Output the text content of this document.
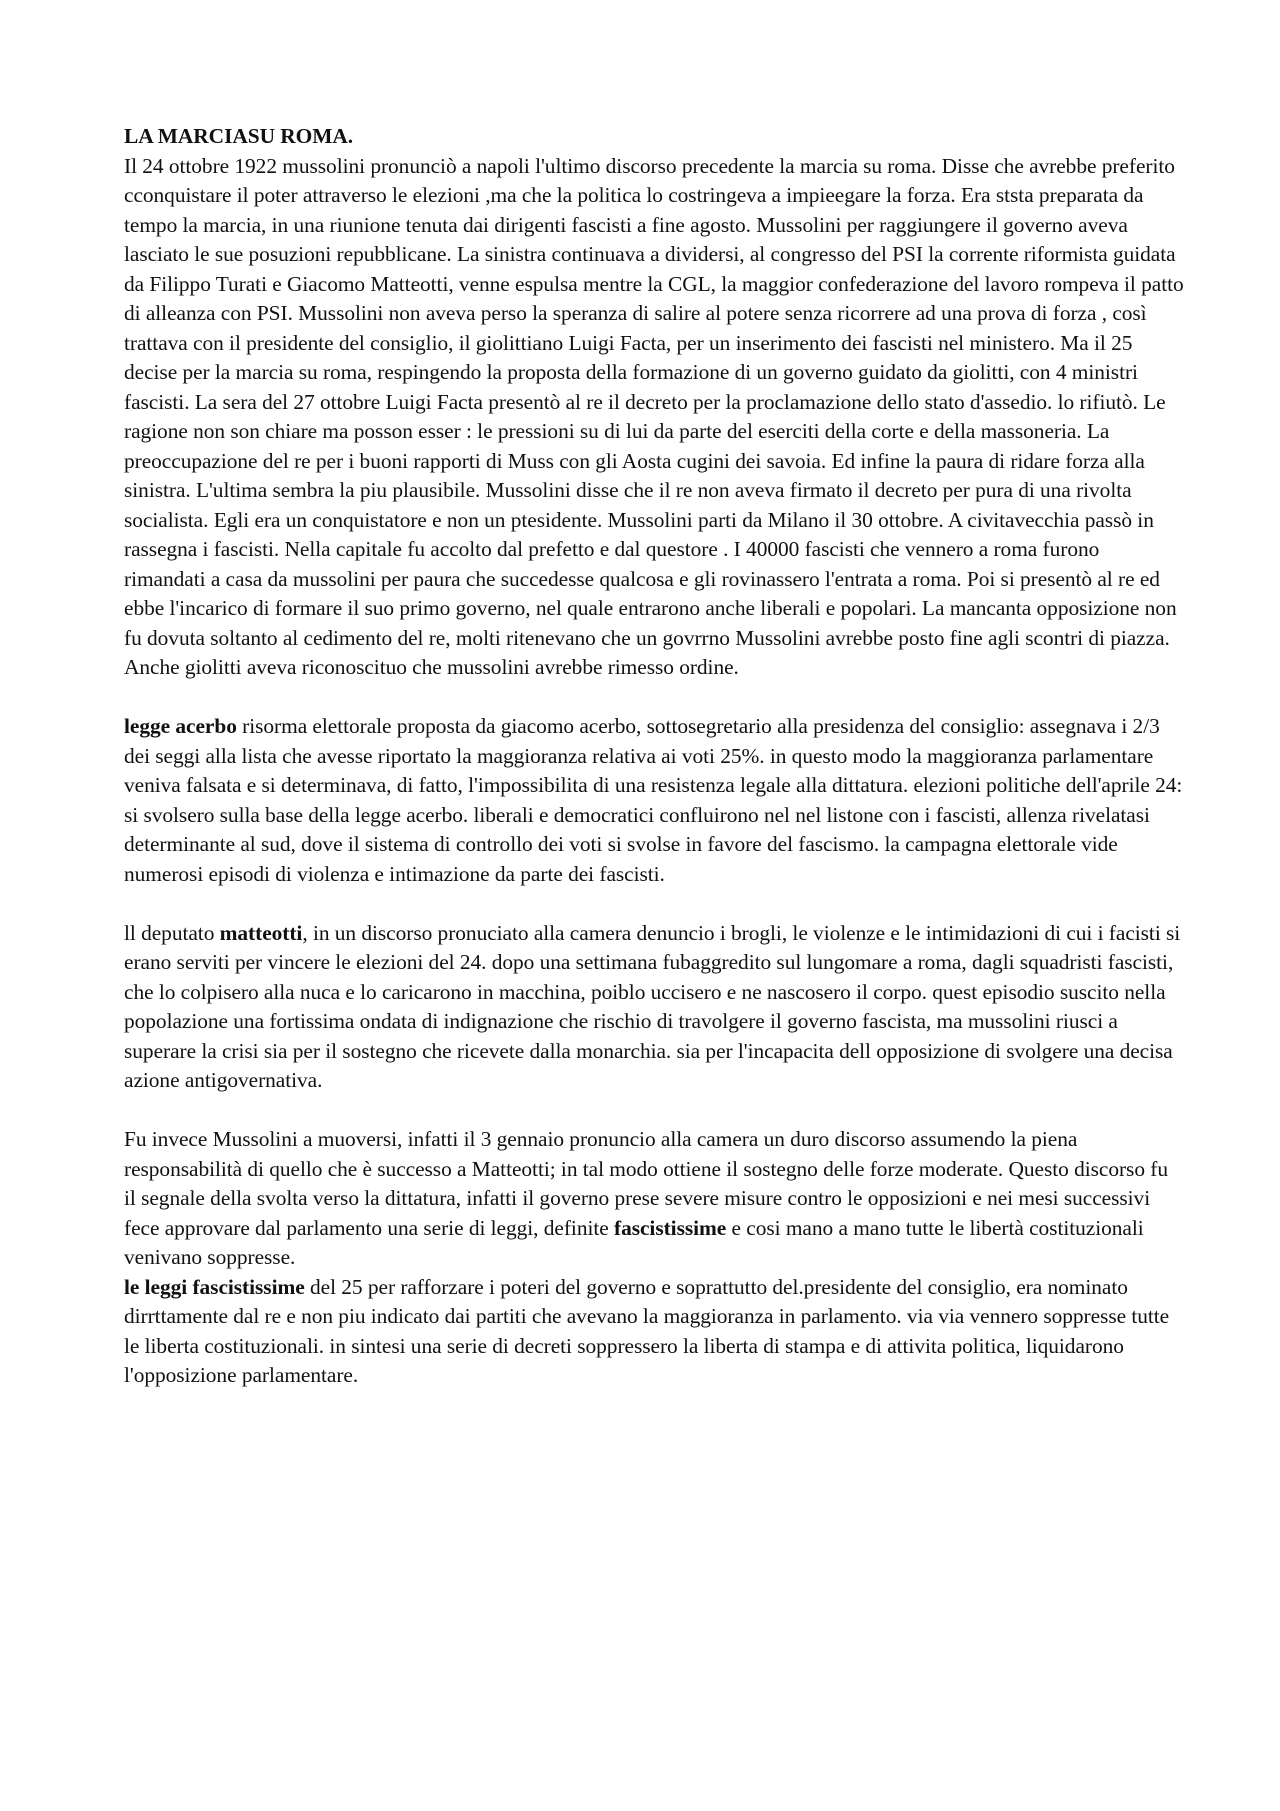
LA MARCIASU ROMA.

Il 24 ottobre 1922 mussolini pronunciò a napoli l'ultimo discorso precedente la marcia su roma. Disse che avrebbe preferito cconquistare il poter attraverso le elezioni ,ma che la politica lo costringeva a impieegare la forza. Era ststa preparata da tempo la marcia, in una riunione tenuta dai dirigenti fascisti a fine agosto. Mussolini per raggiungere il governo aveva lasciato le sue posuzioni repubblicane. La sinistra continuava a dividersi, al congresso del PSI la corrente riformista guidata da Filippo Turati e Giacomo Matteotti, venne espulsa mentre la CGL, la maggior confederazione del lavoro rompeva il patto di alleanza con PSI. Mussolini non aveva perso la speranza di salire al potere senza ricorrere ad una prova di forza , così trattava con il presidente del consiglio, il giolittiano Luigi Facta, per un inserimento dei fascisti nel ministero. Ma il 25 decise per la marcia su roma, respingendo la proposta della formazione di un governo guidato da giolitti, con 4 ministri fascisti. La sera del 27 ottobre Luigi Facta presentò al re il decreto per la proclamazione dello stato d'assedio. lo rifiutò. Le ragione non son chiare ma posson esser : le pressioni su di lui da parte del eserciti della corte e della massoneria. La preoccupazione del re per i buoni rapporti di Muss con gli Aosta cugini dei savoia. Ed infine la paura di ridare forza alla sinistra. L'ultima sembra la piu plausibile. Mussolini disse che il re non aveva firmato il decreto per pura di una rivolta socialista. Egli era un conquistatore e non un ptesidente. Mussolini parti da Milano il 30 ottobre. A civitavecchia passò in rassegna i fascisti. Nella capitale fu accolto dal prefetto e dal questore . I 40000 fascisti che vennero a roma furono rimandati a casa da mussolini per paura che succedesse qualcosa e gli rovinassero l'entrata a roma. Poi si presentò al re ed ebbe l'incarico di formare il suo primo governo, nel quale entrarono anche liberali e popolari. La mancanta opposizione non fu dovuta soltanto al cedimento del re, molti ritenevano che un govrrno Mussolini avrebbe posto fine agli scontri di piazza. Anche giolitti aveva riconoscituo che mussolini avrebbe rimesso ordine.

legge acerbo risorma elettorale proposta da giacomo acerbo, sottosegretario alla presidenza del consiglio: assegnava i 2/3 dei seggi alla lista che avesse riportato la maggioranza relativa ai voti 25%. in questo modo la maggioranza parlamentare veniva falsata e si determinava, di fatto, l'impossibilita di una resistenza legale alla dittatura. elezioni politiche dell'aprile 24: si svolsero sulla base della legge acerbo. liberali e democratici confluirono nel nel listone con i fascisti, allenza rivelatasi determinante al sud, dove il sistema di controllo dei voti si svolse in favore del fascismo. la campagna elettorale vide numerosi episodi di violenza e intimazione da parte dei fascisti.

ll deputato matteotti, in un discorso pronuciato alla camera denuncio i brogli, le violenze e le intimidazioni di cui i facisti si erano serviti per vincere le elezioni del 24. dopo una settimana fubaggredito sul lungomare a roma, dagli squadristi fascisti, che lo colpisero alla nuca e lo caricarono in macchina, poiblo uccisero e ne nascosero il corpo. quest episodio suscito nella popolazione una fortissima ondata di indignazione che rischio di travolgere il governo fascista, ma mussolini riusci a superare la crisi sia per il sostegno che ricevete dalla monarchia. sia per l'incapacita dell opposizione di svolgere una decisa azione antigovernativa.

Fu invece Mussolini a muoversi, infatti il 3 gennaio pronuncio alla camera un duro discorso assumendo la piena responsabilità di quello che è successo a Matteotti; in tal modo ottiene il sostegno delle forze moderate. Questo discorso fu il segnale della svolta verso la dittatura, infatti il governo prese severe misure contro le opposizioni e nei mesi successivi fece approvare dal parlamento una serie di leggi, definite fascistissime e cosi mano a mano tutte le libertà costituzionali venivano soppresse.

le leggi fascistissime del 25 per rafforzare i poteri del governo e soprattutto del.presidente del consiglio, era nominato dirrttamente dal re e non piu indicato dai partiti che avevano la maggioranza in parlamento. via via vennero soppresse tutte le liberta costituzionali. in sintesi una serie di decreti soppressero la liberta di stampa e di attivita politica, liquidarono l'opposizione parlamentare.
